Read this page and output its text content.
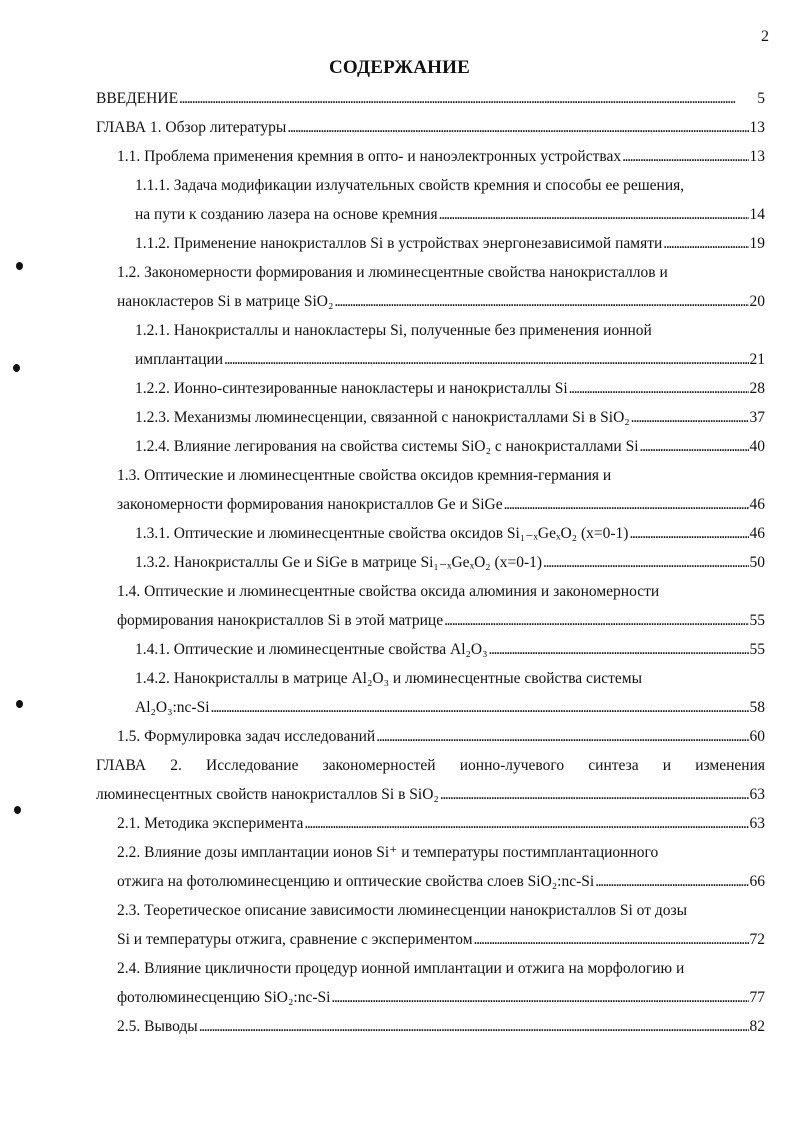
2
СОДЕРЖАНИЕ
ВВЕДЕНИЕ . . .	5
ГЛАВА 1. Обзор литературы . . .	13
1.1. Проблема применения кремния в опто- и наноэлектронных устройствах . . .	13
1.1.1. Задача модификации излучательных свойств кремния и способы ее решения,
на пути к созданию лазера на основе кремния . . .	14
1.1.2. Применение нанокристаллов Si в устройствах энергонезависимой памяти . . .	19
1.2. Закономерности формирования и люминесцентные свойства нанокристаллов и
нанокластеров Si в матрице SiO₂ . . .	20
1.2.1. Нанокристаллы и нанокластеры Si, полученные без применения ионной
имплантации . . .	21
1.2.2. Ионно-синтезированные нанокластеры и нанокристаллы Si . . .	28
1.2.3. Механизмы люминесценции, связанной с нанокристаллами Si в SiO₂ . . .	37
1.2.4. Влияние легирования на свойства системы SiO₂ с нанокристаллами Si . . .	40
1.3. Оптические и люминесцентные свойства оксидов кремния-германия и
закономерности формирования нанокристаллов Ge и SiGe . . .	46
1.3.1. Оптические и люминесцентные свойства оксидов Si₁₋ₓGeₓO₂ (x=0-1) . . .	46
1.3.2. Нанокристаллы Ge и SiGe в матрице Si₁₋ₓGeₓO₂ (x=0-1) . . .	50
1.4. Оптические и люминесцентные свойства оксида алюминия и закономерности
формирования нанокристаллов Si в этой матрице . . .	55
1.4.1. Оптические и люминесцентные свойства Al₂O₃ . . .	55
1.4.2. Нанокристаллы в матрице Al₂O₃ и люминесцентные свойства системы
Al₂O₃:nc-Si . . .	58
1.5. Формулировка задач исследований . . .	60
ГЛАВА 2. Исследование закономерностей ионно-лучевого синтеза и изменения
люминесцентных свойств нанокристаллов Si в SiO₂ . . .	63
2.1. Методика эксперимента . . .	63
2.2. Влияние дозы имплантации ионов Si⁺ и температуры постимплантационного
отжига на фотолюминесценцию и оптические свойства слоев SiO₂:nc-Si . . .	66
2.3. Теоретическое описание зависимости люминесценции нанокристаллов Si от дозы
Si и температуры отжига, сравнение с экспериментом . . .	72
2.4. Влияние цикличности процедур ионной имплантации и отжига на морфологию и
фотолюминесценцию SiO₂:nc-Si . . .	77
2.5. Выводы . . .	82
